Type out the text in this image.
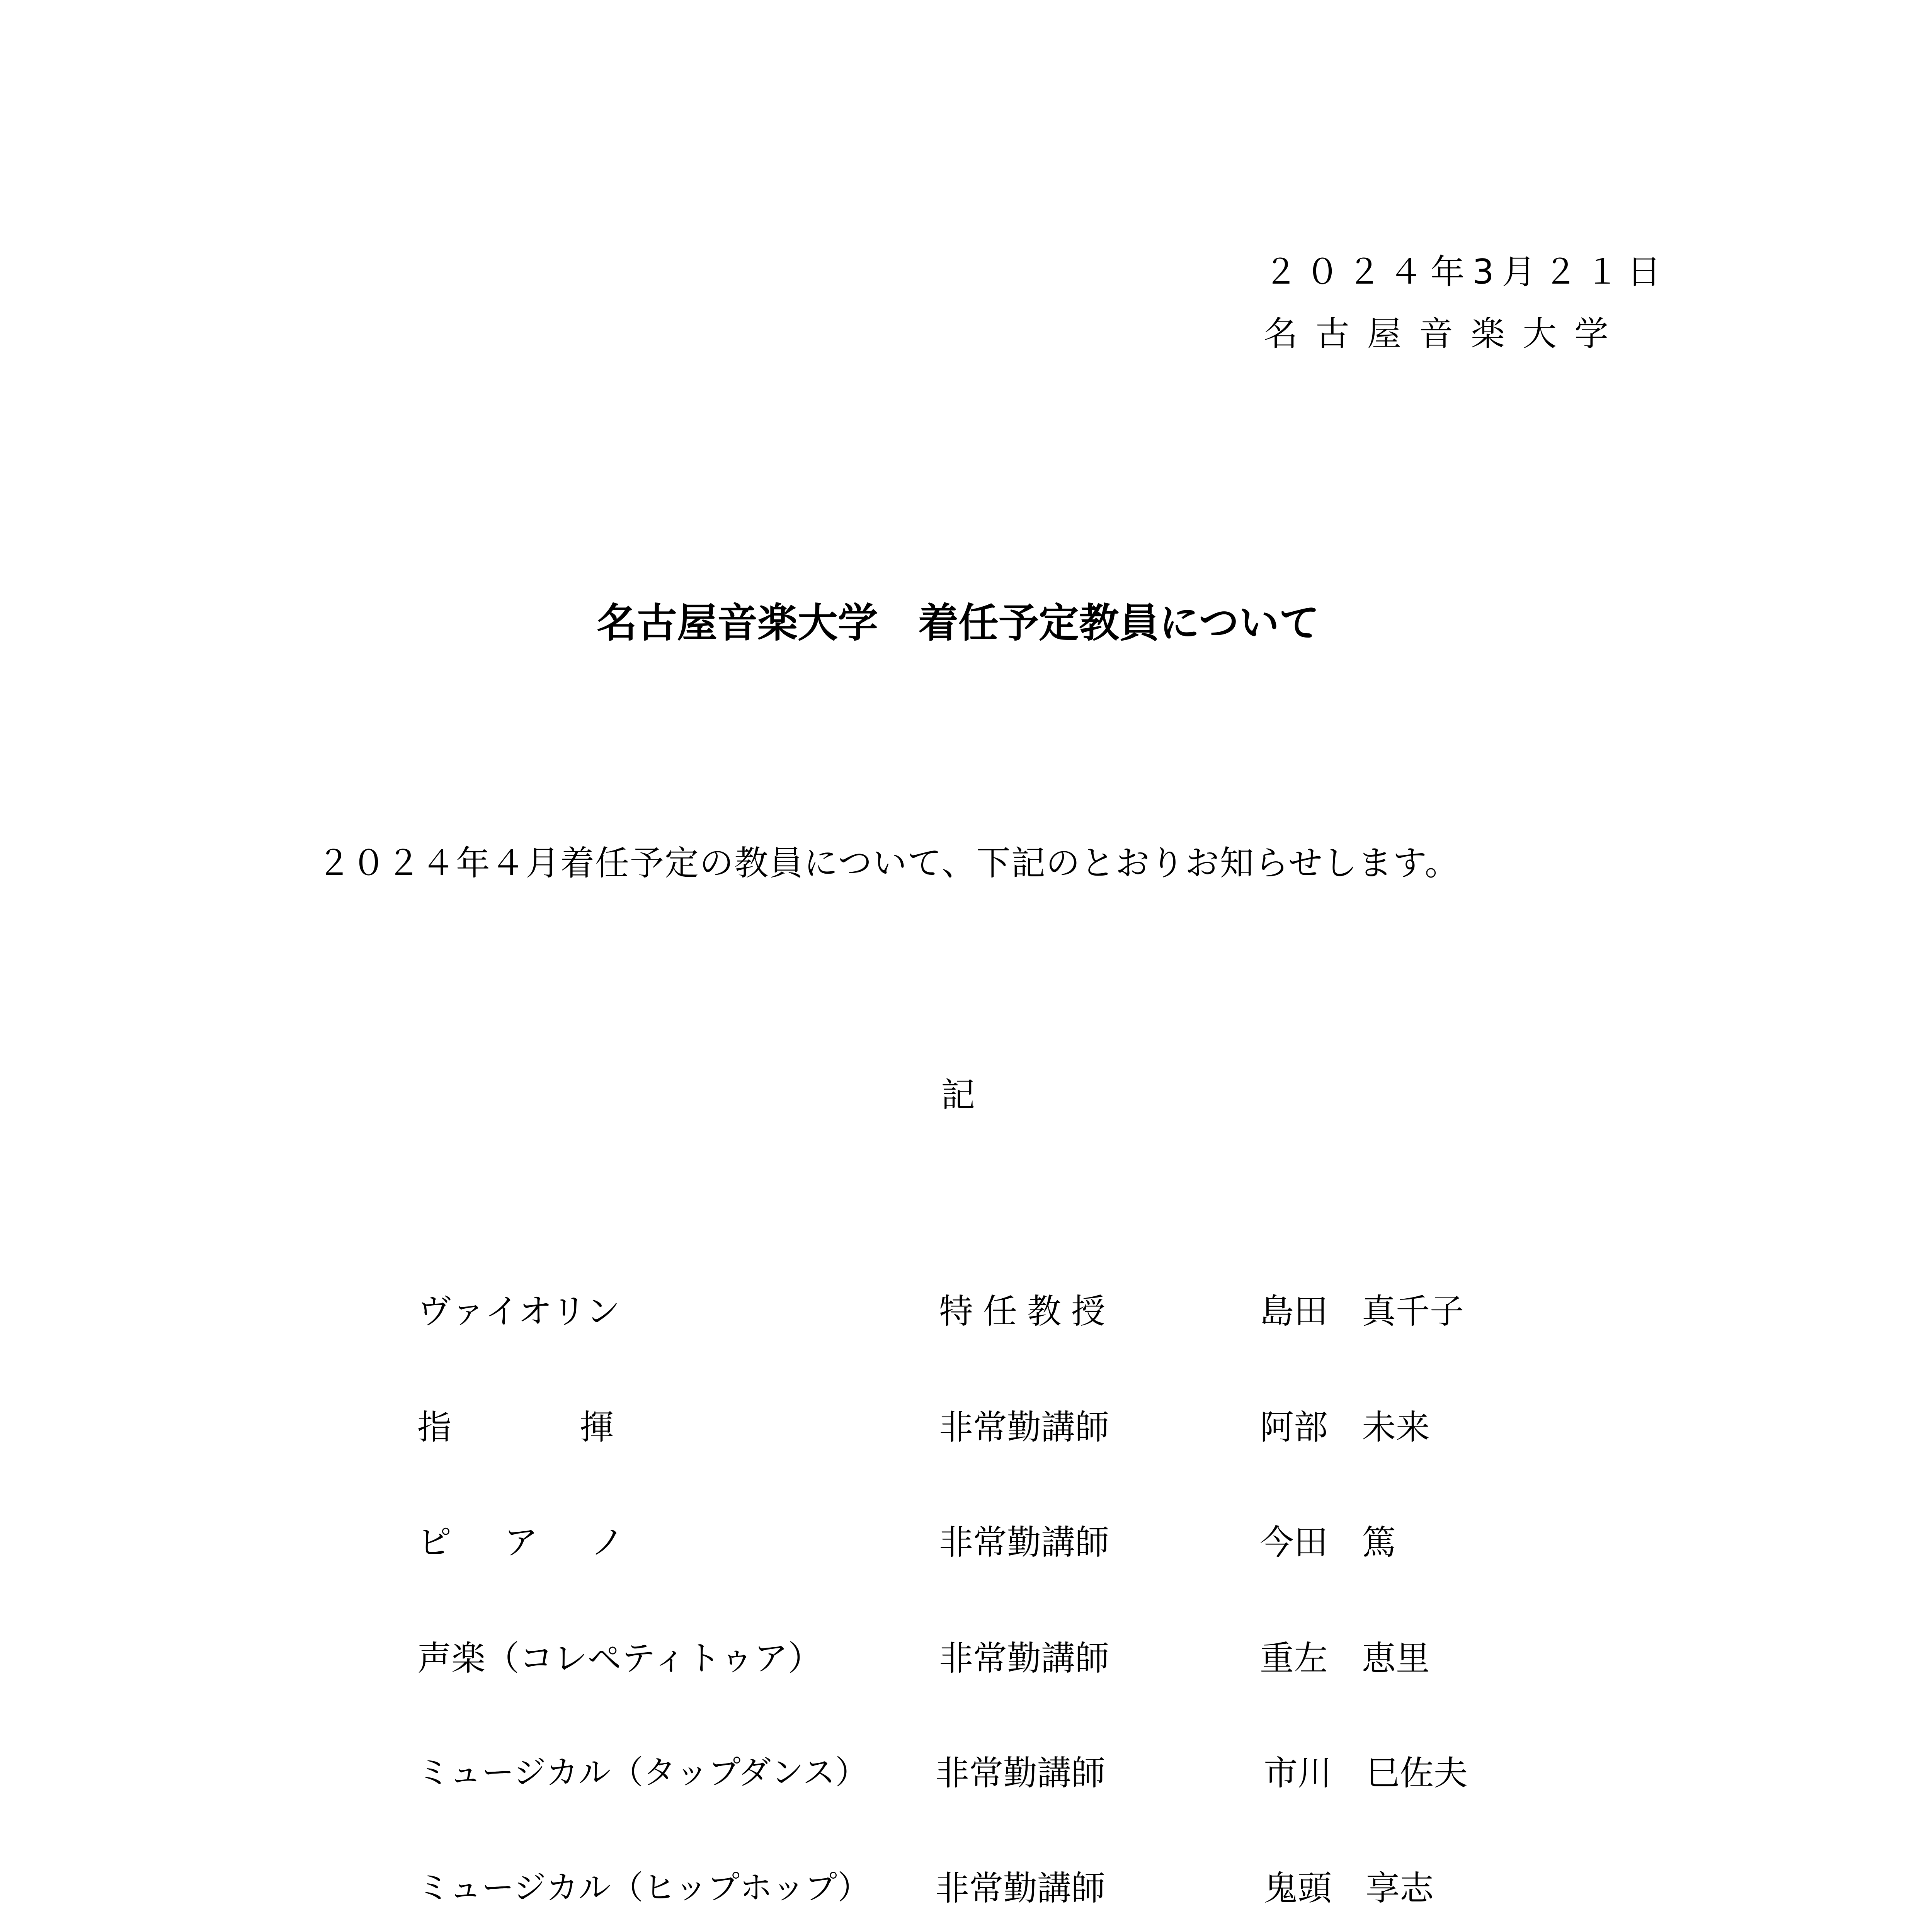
２０２４年3月２１日
名古屋音楽大学
名古屋音楽大学　着任予定教員について
２０２４年４月着任予定の教員について、下記のとおりお知らせします。
記
ヴァイオリン	特任教授	島田　真千子
指　　揮	非常勤講師	阿部　未来
ピ　ア　ノ	非常勤講師	今田　篤
声楽（コレペティトゥア）	非常勤講師	重左　恵里
ミュージカル（タップダンス） 非常勤講師	市川　巳佐夫
ミュージカル（ヒップホップ） 非常勤講師	鬼頭　享志
